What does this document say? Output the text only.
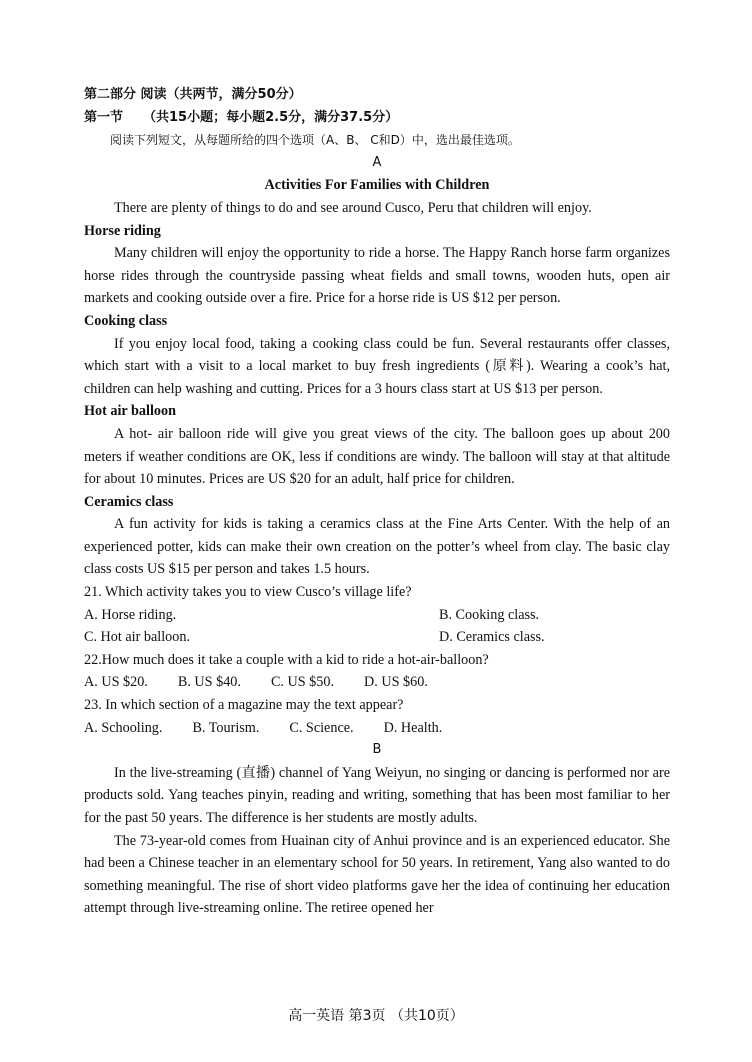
第二部分 阅读（共两节，满分50分）
第一节 （共15小题；每小题2.5分，满分37.5分）
阅读下列短文，从每题所给的四个选项（A、B、 C和D）中，选出最佳选项。
A
Activities For Families with Children
There are plenty of things to do and see around Cusco, Peru that children will enjoy.
Horse riding
Many children will enjoy the opportunity to ride a horse. The Happy Ranch horse farm organizes horse rides through the countryside passing wheat fields and small towns, wooden huts, open air markets and cooking outside over a fire. Price for a horse ride is US $12 per person.
Cooking class
If you enjoy local food, taking a cooking class could be fun. Several restaurants offer classes, which start with a visit to a local market to buy fresh ingredients (原料). Wearing a cook’s hat, children can help washing and cutting. Prices for a 3 hours class start at US $13 per person.
Hot air balloon
A hot- air balloon ride will give you great views of the city. The balloon goes up about 200 meters if weather conditions are OK, less if conditions are windy. The balloon will stay at that altitude for about 10 minutes. Prices are US $20 for an adult, half price for children.
Ceramics class
A fun activity for kids is taking a ceramics class at the Fine Arts Center. With the help of an experienced potter, kids can make their own creation on the potter’s wheel from clay. The basic clay class costs US $15 per person and takes 1.5 hours.
21. Which activity takes you to view Cusco’s village life?
A. Horse riding.	B. Cooking class.
C. Hot air balloon.	D. Ceramics class.
22.How much does it take a couple with a kid to ride a hot-air-balloon?
A. US $20. B. US $40. C. US $50. D. US $60.
23. In which section of a magazine may the text appear?
A. Schooling. B. Tourism. C. Science. D. Health.
B
In the live-streaming (直播) channel of Yang Weiyun, no singing or dancing is performed nor are products sold. Yang teaches pinyin, reading and writing, something that has been most familiar to her for the past 50 years. The difference is her students are mostly adults.
The 73-year-old comes from Huainan city of Anhui province and is an experienced educator. She had been a Chinese teacher in an elementary school for 50 years. In retirement, Yang also wanted to do something meaningful. The rise of short video platforms gave her the idea of continuing her education attempt through live-streaming online. The retiree opened her
高一英语 第3页 （共10页）
